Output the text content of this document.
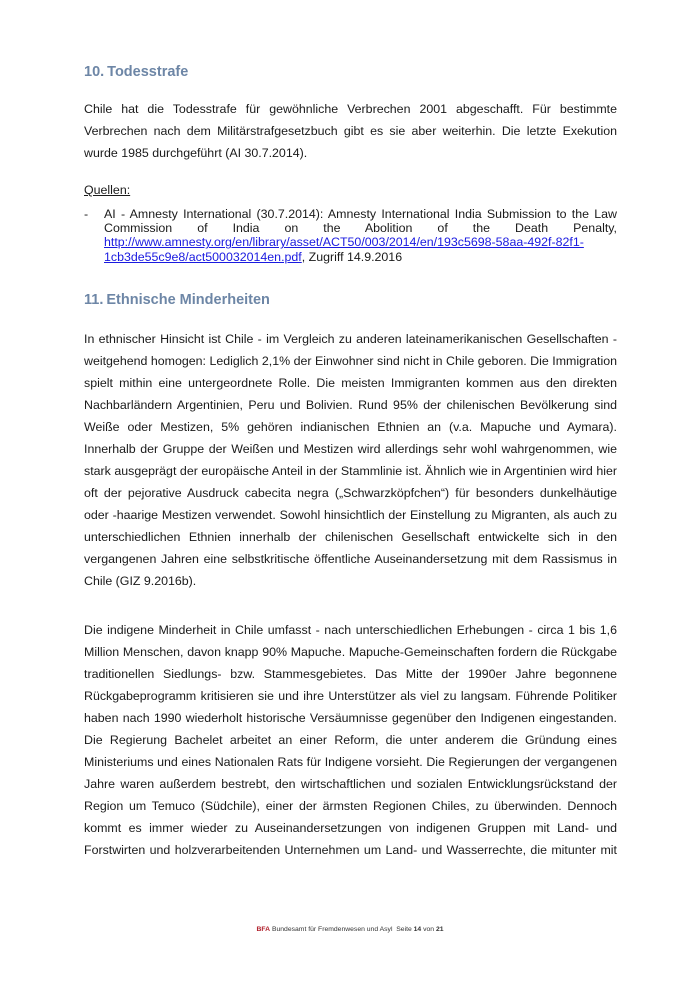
10. Todesstrafe
Chile hat die Todesstrafe für gewöhnliche Verbrechen 2001 abgeschafft. Für bestimmte Verbrechen nach dem Militärstrafgesetzbuch gibt es sie aber weiterhin. Die letzte Exekution wurde 1985 durchgeführt (AI 30.7.2014).
Quellen:
- AI - Amnesty International (30.7.2014): Amnesty International India Submission to the Law Commission of India on the Abolition of the Death Penalty, http://www.amnesty.org/en/library/asset/ACT50/003/2014/en/193c5698-58aa-492f-82f1-1cb3de55c9e8/act500032014en.pdf, Zugriff 14.9.2016
11. Ethnische Minderheiten
In ethnischer Hinsicht ist Chile - im Vergleich zu anderen lateinamerikanischen Gesellschaften - weitgehend homogen: Lediglich 2,1% der Einwohner sind nicht in Chile geboren. Die Immigration spielt mithin eine untergeordnete Rolle. Die meisten Immigranten kommen aus den direkten Nachbarländern Argentinien, Peru und Bolivien. Rund 95% der chilenischen Bevölkerung sind Weiße oder Mestizen, 5% gehören indianischen Ethnien an (v.a. Mapuche und Aymara). Innerhalb der Gruppe der Weißen und Mestizen wird allerdings sehr wohl wahrgenommen, wie stark ausgeprägt der europäische Anteil in der Stammlinie ist. Ähnlich wie in Argentinien wird hier oft der pejorative Ausdruck cabecita negra („Schwarzköpfchen“) für besonders dunkelhäutige oder -haarige Mestizen verwendet. Sowohl hinsichtlich der Einstellung zu Migranten, als auch zu unterschiedlichen Ethnien innerhalb der chilenischen Gesellschaft entwickelte sich in den vergangenen Jahren eine selbstkritische öffentliche Auseinandersetzung mit dem Rassismus in Chile (GIZ 9.2016b).
Die indigene Minderheit in Chile umfasst - nach unterschiedlichen Erhebungen - circa 1 bis 1,6 Million Menschen, davon knapp 90% Mapuche. Mapuche-Gemeinschaften fordern die Rückgabe traditionellen Siedlungs- bzw. Stammesgebietes. Das Mitte der 1990er Jahre begonnene Rückgabeprogramm kritisieren sie und ihre Unterstützer als viel zu langsam. Führende Politiker haben nach 1990 wiederholt historische Versäumnisse gegenüber den Indigenen eingestanden. Die Regierung Bachelet arbeitet an einer Reform, die unter anderem die Gründung eines Ministeriums und eines Nationalen Rats für Indigene vorsieht. Die Regierungen der vergangenen Jahre waren außerdem bestrebt, den wirtschaftlichen und sozialen Entwicklungsrückstand der Region um Temuco (Südchile), einer der ärmsten Regionen Chiles, zu überwinden. Dennoch kommt es immer wieder zu Auseinandersetzungen von indigenen Gruppen mit Land- und Forstwirten und holzverarbeitenden Unternehmen um Land- und Wasserrechte, die mitunter mit
BFA Bundesamt für Fremdenwesen und Asyl Seite 14 von 21
